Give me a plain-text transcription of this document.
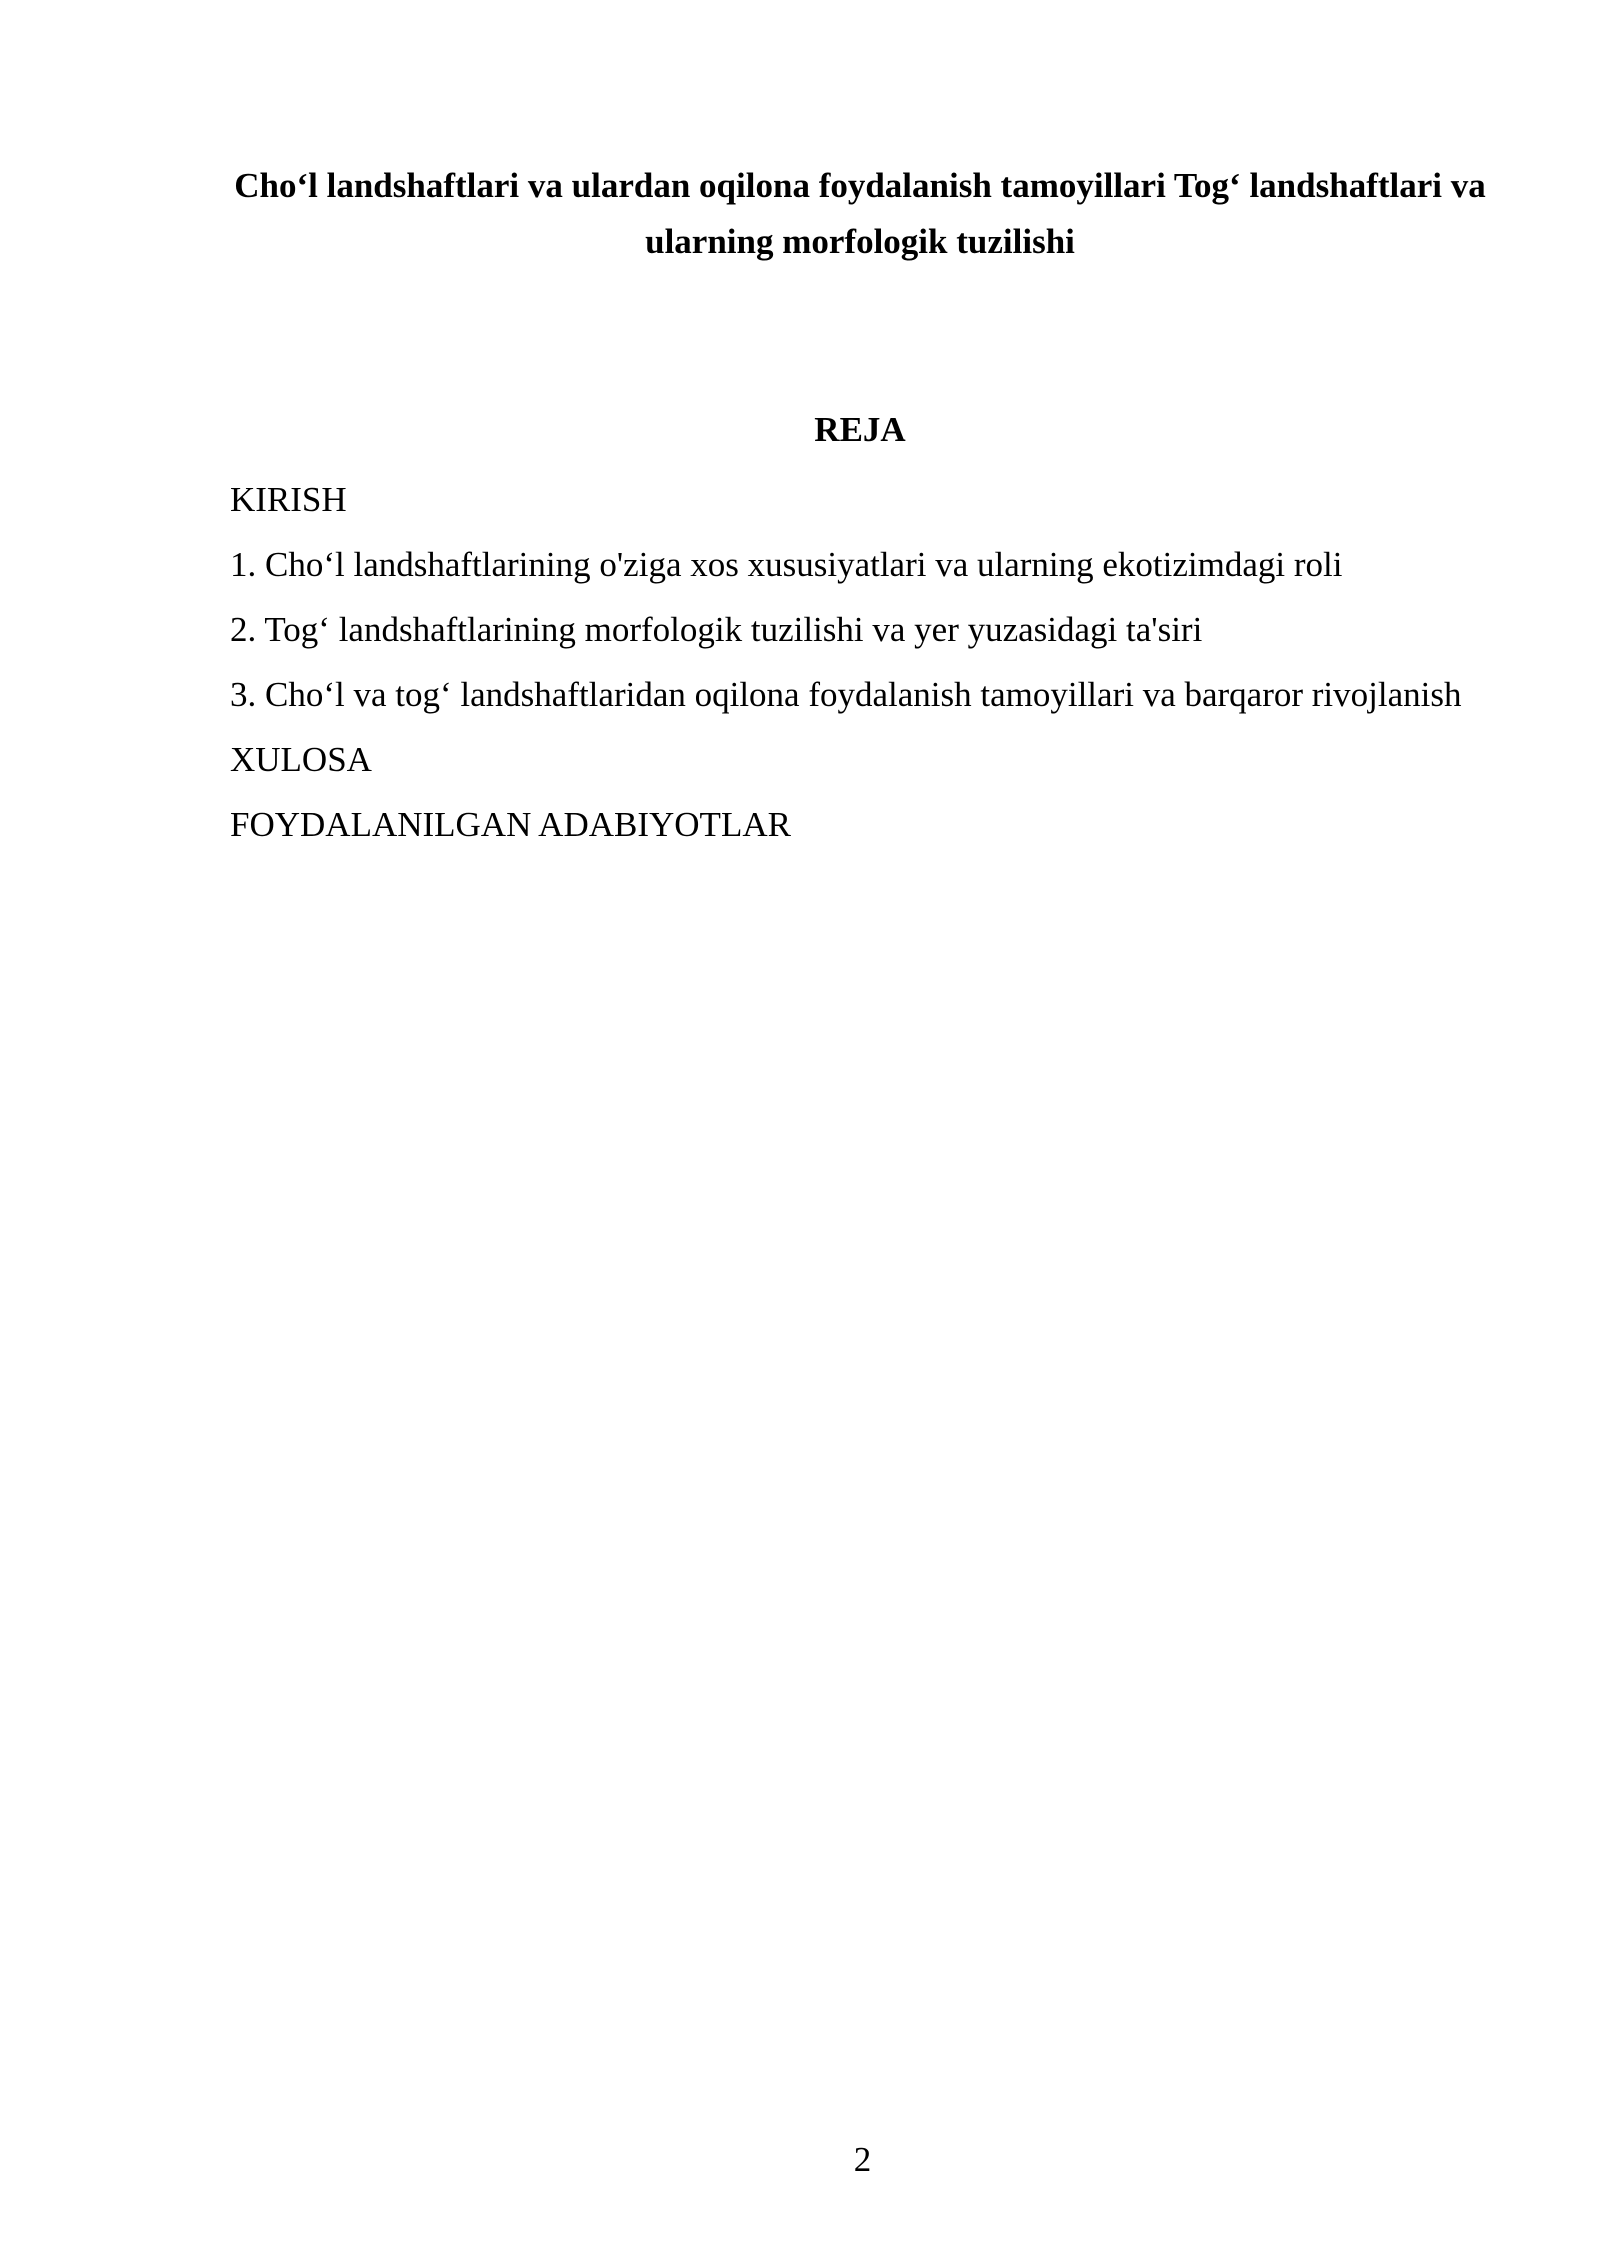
Cho‘l landshaftlari va ulardan oqilona foydalanish tamoyillari Tog‘ landshaftlari va ularning morfologik tuzilishi
REJA
KIRISH
1. Cho‘l landshaftlarining o'ziga xos xususiyatlari va ularning ekotizimdagi roli
2. Tog‘ landshaftlarining morfologik tuzilishi va yer yuzasidagi ta'siri
3. Cho‘l va tog‘ landshaftlaridan oqilona foydalanish tamoyillari va barqaror rivojlanish
XULOSA
FOYDALANILGAN ADABIYOTLAR
2
